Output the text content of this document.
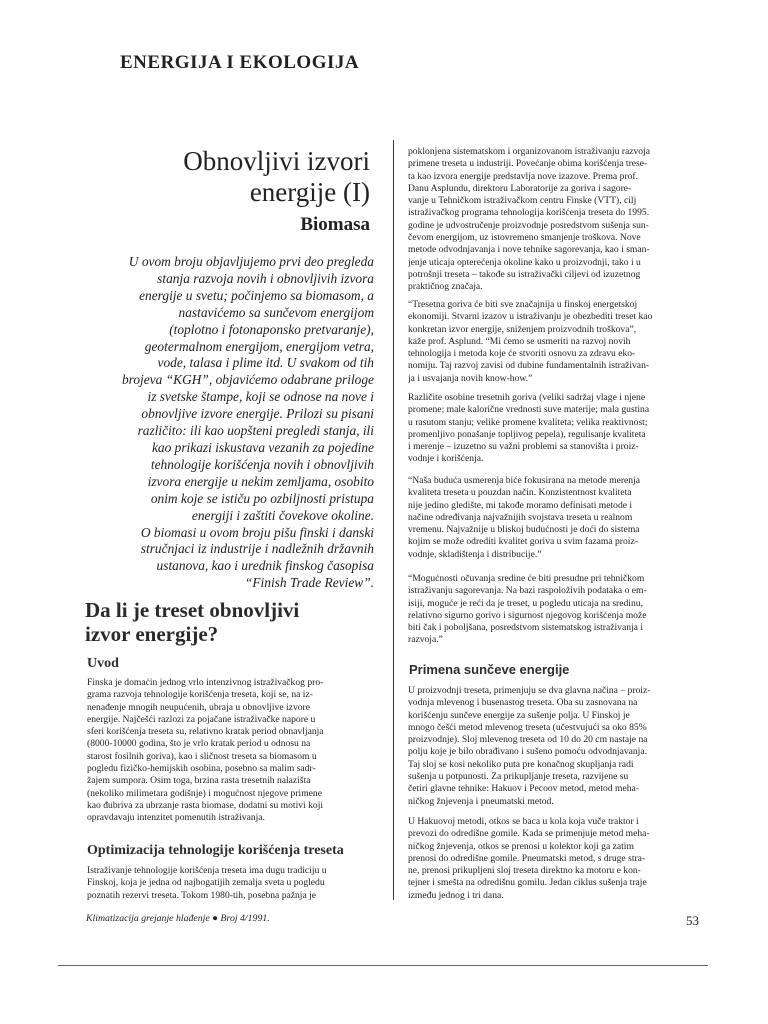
ENERGIJA I EKOLOGIJA
Obnovljivi izvori
energije (I)
Biomasa
U ovom broju objavljujemo prvi deo pregleda
stanja razvoja novih i obnovljivih izvora
energije u svetu; počinjemo sa biomasom, a
nastavićemo sa sunčevom energijom
(toplotno i fotonaponsko pretvaranje),
geotermalnom energijom, energijom vetra,
vode, talasa i plime itd. U svakom od tih
brojeva “KGH”, objavićemo odabrane priloge
iz svetske štampe, koji se odnose na nove i
obnovljive izvore energije. Prilozi su pisani
različito: ili kao uopšteni pregledi stanja, ili
kao prikazi iskustava vezanih za pojedine
tehnologije korišćenja novih i obnovljivih
izvora energije u nekim zemljama, osobito
onim koje se ističu po ozbiljnosti pristupa
energiji i zaštiti čovekove okoline.
O biomasi u ovom broju pišu finski i danski
stručnjaci iz industrije i nadležnih državnih
ustanova, kao i urednik finskog časopisa
“Finish Trade Review”.
Da li je treset obnovljivi
izvor energije?
Uvod
Finska je domaćin jednog vrlo intenzivnog istraživačkog pro-
grama razvoja tehnologije korišćenja treseta, koji se, na iz-
nenađenje mnogih neupućenih, ubraja u obnovljive izvore
energije. Najčešći razlozi za pojačane istraživačke napore u
sferi korišćenja treseta su, relativno kratak period obnavljanja
(8000-10000 godina, što je vrlo kratak period u odnosu na
starost fosilnih goriva), kao i sličnost treseta sa biomasom u
pogledu fizičko-hemijskih osobina, posebno sa malim sadr-
žajem sumpora. Osim toga, brzina rasta tresetnih nalazišta
(nekoliko milimetara godišnje) i mogućnost njegove primene
kao đubriva za ubrzanje rasta biomase, dodatni su motivi koji
opravdavaju intenzitet pomenutih istraživanja.
Optimizacija tehnologije korišćenja treseta
Istraživanje tehnologije korišćenja treseta ima dugu tradiciju u
Finskoj, koja je jedna od najbogatijih zemalja sveta u pogledu
poznatih rezervi treseta. Tokom 1980-tih, posebna pažnja je
poklonjena sistematskom i organizovanom istraživanju razvoja
primene treseta u industriji. Povećanje obima korišćenja trese-
ta kao izvora energije predstavlja nove izazove. Prema prof.
Danu Asplundu, direktoru Laboratorije za goriva i sagore-
vanje u Tehničkom istraživačkom centru Finske (VTT), cilj
istraživačkog programa tehnologija korišćenja treseta do 1995.
godine je udvostručenje proizvodnje posredstvom sušenja sun-
čevom energijom, uz istovremeno smanjenje troškova. Nove
metode odvodnjavanja i nove tehnike sagorevanja, kao i sman-
jenje uticaja opterećenja okoline kako u proizvodnji, tako i u
potrošnji treseta – takođe su istraživački ciljevi od izuzetnog
praktičnog značaja.
“Tresetna goriva će biti sve značajnija u finskoj energetskoj
ekonomiji. Stvarni izazov u istraživanju je obezbediti treset kao
konkretan izvor energije, sniženjem proizvodnih troškova”,
kaže prof. Asplund. “Mi ćemo se usmeriti na razvoj novih
tehnologija i metoda koje će stvoriti osnovu za zdravu eko-
nomiju. Taj razvoj zavisi od dubine fundamentalnih istraživan-
ja i usvajanja novih know-how.”
Različite osobine tresetnih goriva (veliki sadržaj vlage i njene
promene; male kalorične vrednosti suve materije; mala gustina
u rasutom stanju; velike promene kvaliteta; velika reaktivnost;
promenljivo ponašanje topljivog pepela), regulisanje kvaliteta
i merenje – izuzetno su važni problemi sa stanovišta i proiz-
vodnje i korišćenja.
“Naša buduća usmerenja biće fokusirana na metode merenja
kvaliteta treseta u pouzdan način. Konzistentnost kvaliteta
nije jedino gledište, mi takođe moramo definisati metode i
načine određivanja najvažnijih svojstava treseta u realnom
vremenu. Najvažnije u bliskoj budućnosti je doći do sistema
kojim se može odrediti kvalitet goriva u svim fazama proiz-
vodnje, skladištenja i distribucije.”
“Mogućnosti očuvanja sredine će biti presudne pri tehničkom
istraživanju sagorevanja. Na bazi raspoloživih podataka o em-
isiji, moguće je reći da je treset, u pogledu uticaja na sredinu,
relativno sigurno gorivo i sigurnost njegovog korišćenja može
biti čak i poboljšana, posredstvom sistematskog istraživanja i
razvoja.”
Primena sunčeve energije
U proizvodnji treseta, primenjuju se dva glavna načina – proiz-
vodnja mlevenog i busenastog treseta. Oba su zasnovana na
korišćenju sunčeve energije za sušenje polja. U Finskoj je
mnogo češći metod mlevenog treseta (učestvujući sa oko 85%
proizvodnje). Sloj mlevenog treseta od 10 do 20 cm nastaje na
polju koje je bilo obrađivano i sušeno pomoću odvodnjavanja.
Taj sloj se kosi nekoliko puta pre konačnog skupljanja radi
sušenja u potpunosti. Za prikupljanje treseta, razvijene su
četiri glavne tehnike: Hakuov i Pecoov metod, metod meha-
ničkog žnjevenja i pneumatski metod.
U Hakuovoj metodi, otkos se baca u kola koja vuče traktor i
prevozi do odredišne gomile. Kada se primenjuje metod meha-
ničkog žnjevenja, otkos se prenosi u kolektor koji ga zatim
prenosi do odredišne gomile. Pneumatski metod, s druge stra-
ne, prenosi prikupljeni sloj treseta direktno ka motoru e kon-
tejner i smešta na odredišnu gomilu. Jedan ciklus sušenja traje
između jednog i tri dana.
Klimatizacija grejanje hlađenje ● Broj 4/1991.	53
